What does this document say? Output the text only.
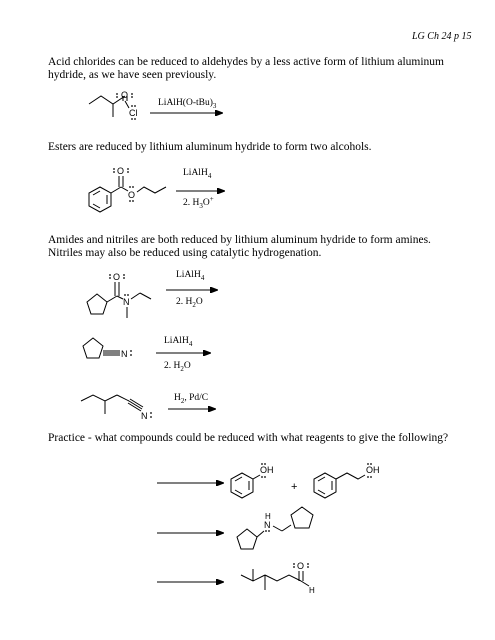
LG Ch 24 p 15
Acid chlorides can be reduced to aldehydes by a less active form of lithium aluminum
hydride, as we have seen previously.
Esters are reduced by lithium aluminum hydride to form two alcohols.
Amides and nitriles are both reduced by lithium aluminum hydride to form amines.
Nitriles may also be reduced using catalytic hydrogenation.
Practice - what compounds could be reduced with what reagents to give the following?
$LiAlH(O-tBu)_3$
LiAlH$_4$
2. $H_3O^+$
LiAlH$_4$
2. $H_2O$
LiAlH$_4$
2. $H_2O$
$H_2$, Pd/C
O
Cl
O
O
O
N
N
N
OH
+
OH
N
H
O
H
